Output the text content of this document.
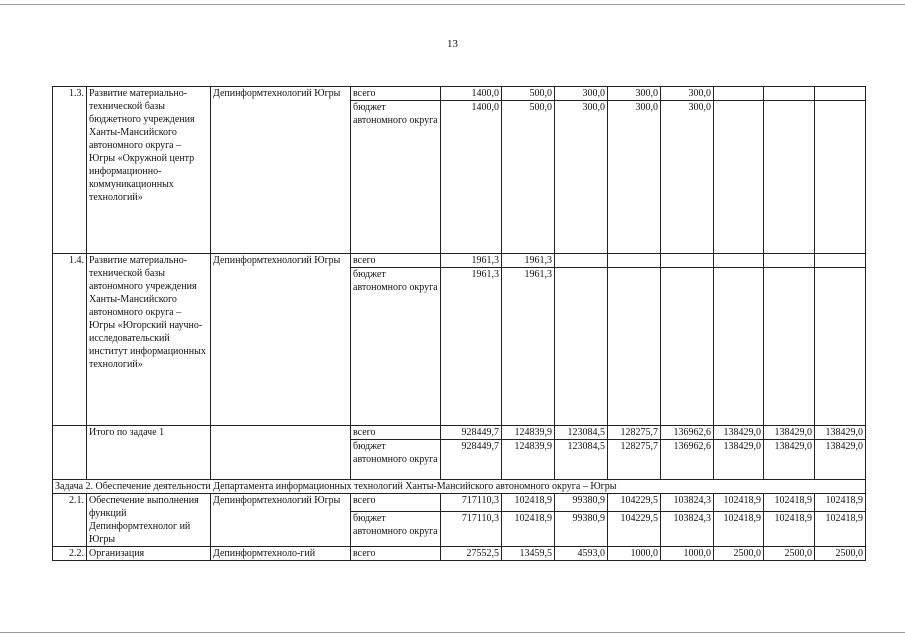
13
1.3.	Развитие материально-технической базы бюджетного учреждения Ханты-Мансийского автономного округа – Югры «Окружной центр информационно-коммуникационных технологий»	Депинформтехнологий Югры	всего	1400,0	500,0	300,0	300,0	300,0			
			бюджет автономного округа	1400,0	500,0	300,0	300,0	300,0			
1.4.	Развитие материально-технической базы автономного учреждения Ханты-Мансийского автономного округа – Югры «Югорский научно-исследовательский институт информационных технологий»	Депинформтехнологий Югры	всего	1961,3	1961,3						
			бюджет автономного округа	1961,3	1961,3						
	Итого по задаче 1		всего	928449,7	124839,9	123084,5	128275,7	136962,6	138429,0	138429,0	138429,0
			бюджет автономного округа	928449,7	124839,9	123084,5	128275,7	136962,6	138429,0	138429,0	138429,0
Задача 2. Обеспечение деятельности Департамента информационных технологий Ханты-Мансийского автономного округа – Югры											
2.1.	Обеспечение выполнения функций Депинформтехнолог ий Югры	Депинформтехнологий Югры	всего	717110,3	102418,9	99380,9	104229,5	103824,3	102418,9	102418,9	102418,9
			бюджет автономного округа	717110,3	102418,9	99380,9	104229,5	103824,3	102418,9	102418,9	102418,9
2.2.	Организация	Депинформтехноло-гий	всего	27552,5	13459,5	4593,0	1000,0	1000,0	2500,0	2500,0	2500,0
